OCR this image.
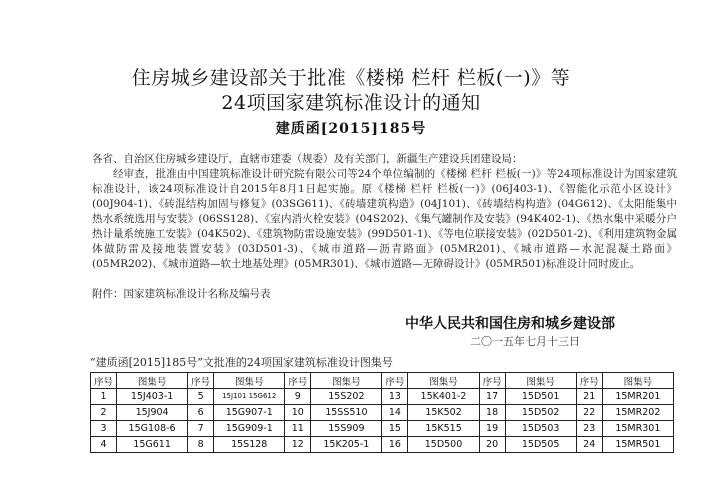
住房城乡建设部关于批准《楼梯 栏杆 栏板(一)》等
24项国家建筑标准设计的通知
建质函[2015]185号
各省、自治区住房城乡建设厅，直辖市建委（规委）及有关部门，新疆生产建设兵团建设局：
经审查，批准由中国建筑标准设计研究院有限公司等24个单位编制的《楼梯 栏杆 栏板(一)》等24项标准设计为国家建筑标准设计，该24项标准设计自2015年8月1日起实施。原《楼梯 栏杆 栏板(一)》(06J403-1)、《智能化示范小区设计》(00J904-1)、《砖混结构加固与修复》(03SG611)、《砖墙建筑构造》(04J101)、《砖墙结构构造》(04G612)、《太阳能集中热水系统选用与安装》(06SS128)、《室内消火栓安装》(04S202)、《集气罐制作及安装》(94K402-1)、《热水集中采暖分户热计量系统施工安装》(04K502)、《建筑物防雷设施安装》(99D501-1)、《等电位联接安装》(02D501-2)、《利用建筑物金属体做防雷及接地装置安装》(03D501-3)、《城市道路—沥青路面》(05MR201)、《城市道路—水泥混凝土路面》(05MR202)、《城市道路—软土地基处理》(05MR301)、《城市道路—无障碍设计》(05MR501)标准设计同时废止。
附件：国家建筑标准设计名称及编号表
中华人民共和国住房和城乡建设部
二〇一五年七月十三日
“建质函[2015]185号”文批准的24项国家建筑标准设计图集号
序号	图集号	序号	图集号	序号	图集号	序号	图集号	序号	图集号	序号	图集号
1	15J403-1	5	15J101 15G612	9	15S202	13	15K401-2	17	15D501	21	15MR201
2	15J904	6	15G907-1	10	15SS510	14	15K502	18	15D502	22	15MR202
3	15G108-6	7	15G909-1	11	15S909	15	15K515	19	15D503	23	15MR301
4	15G611	8	15S128	12	15K205-1	16	15D500	20	15D505	24	15MR501
